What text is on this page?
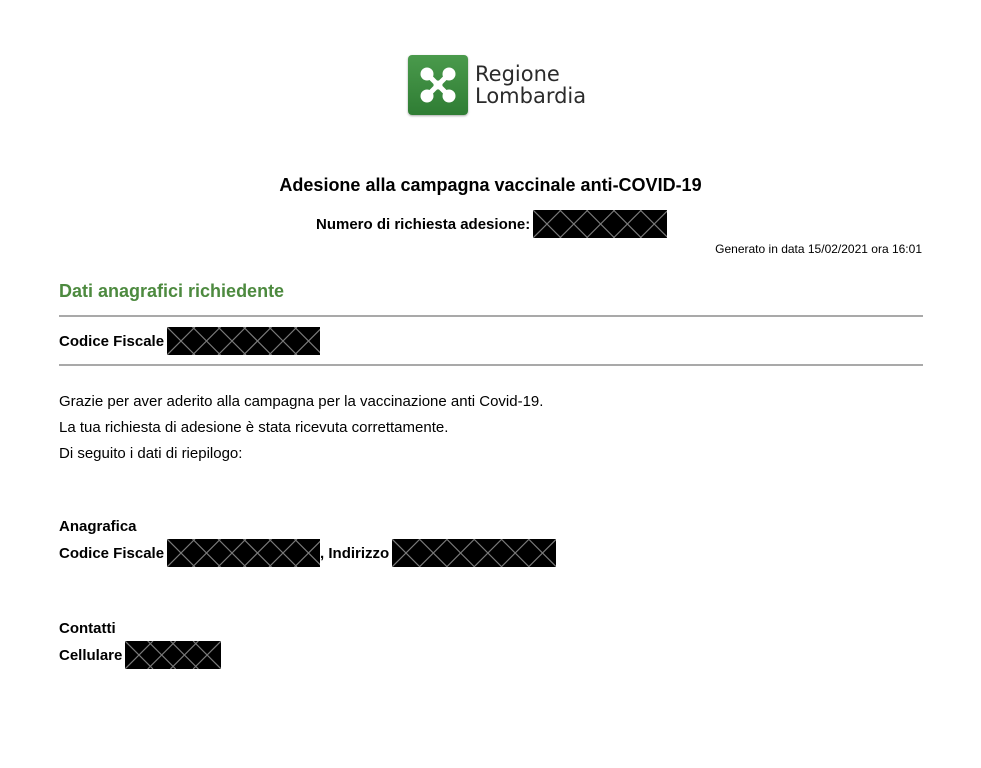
Regione
Lombardia
Adesione alla campagna vaccinale anti-COVID-19
Numero di richiesta adesione:
Generato in data 15/02/2021 ora 16:01
Dati anagrafici richiedente
Codice Fiscale
Grazie per aver aderito alla campagna per la vaccinazione anti Covid-19.
La tua richiesta di adesione è stata ricevuta correttamente.
Di seguito i dati di riepilogo:
Anagrafica
Codice Fiscale	, Indirizzo
Contatti
Cellulare
